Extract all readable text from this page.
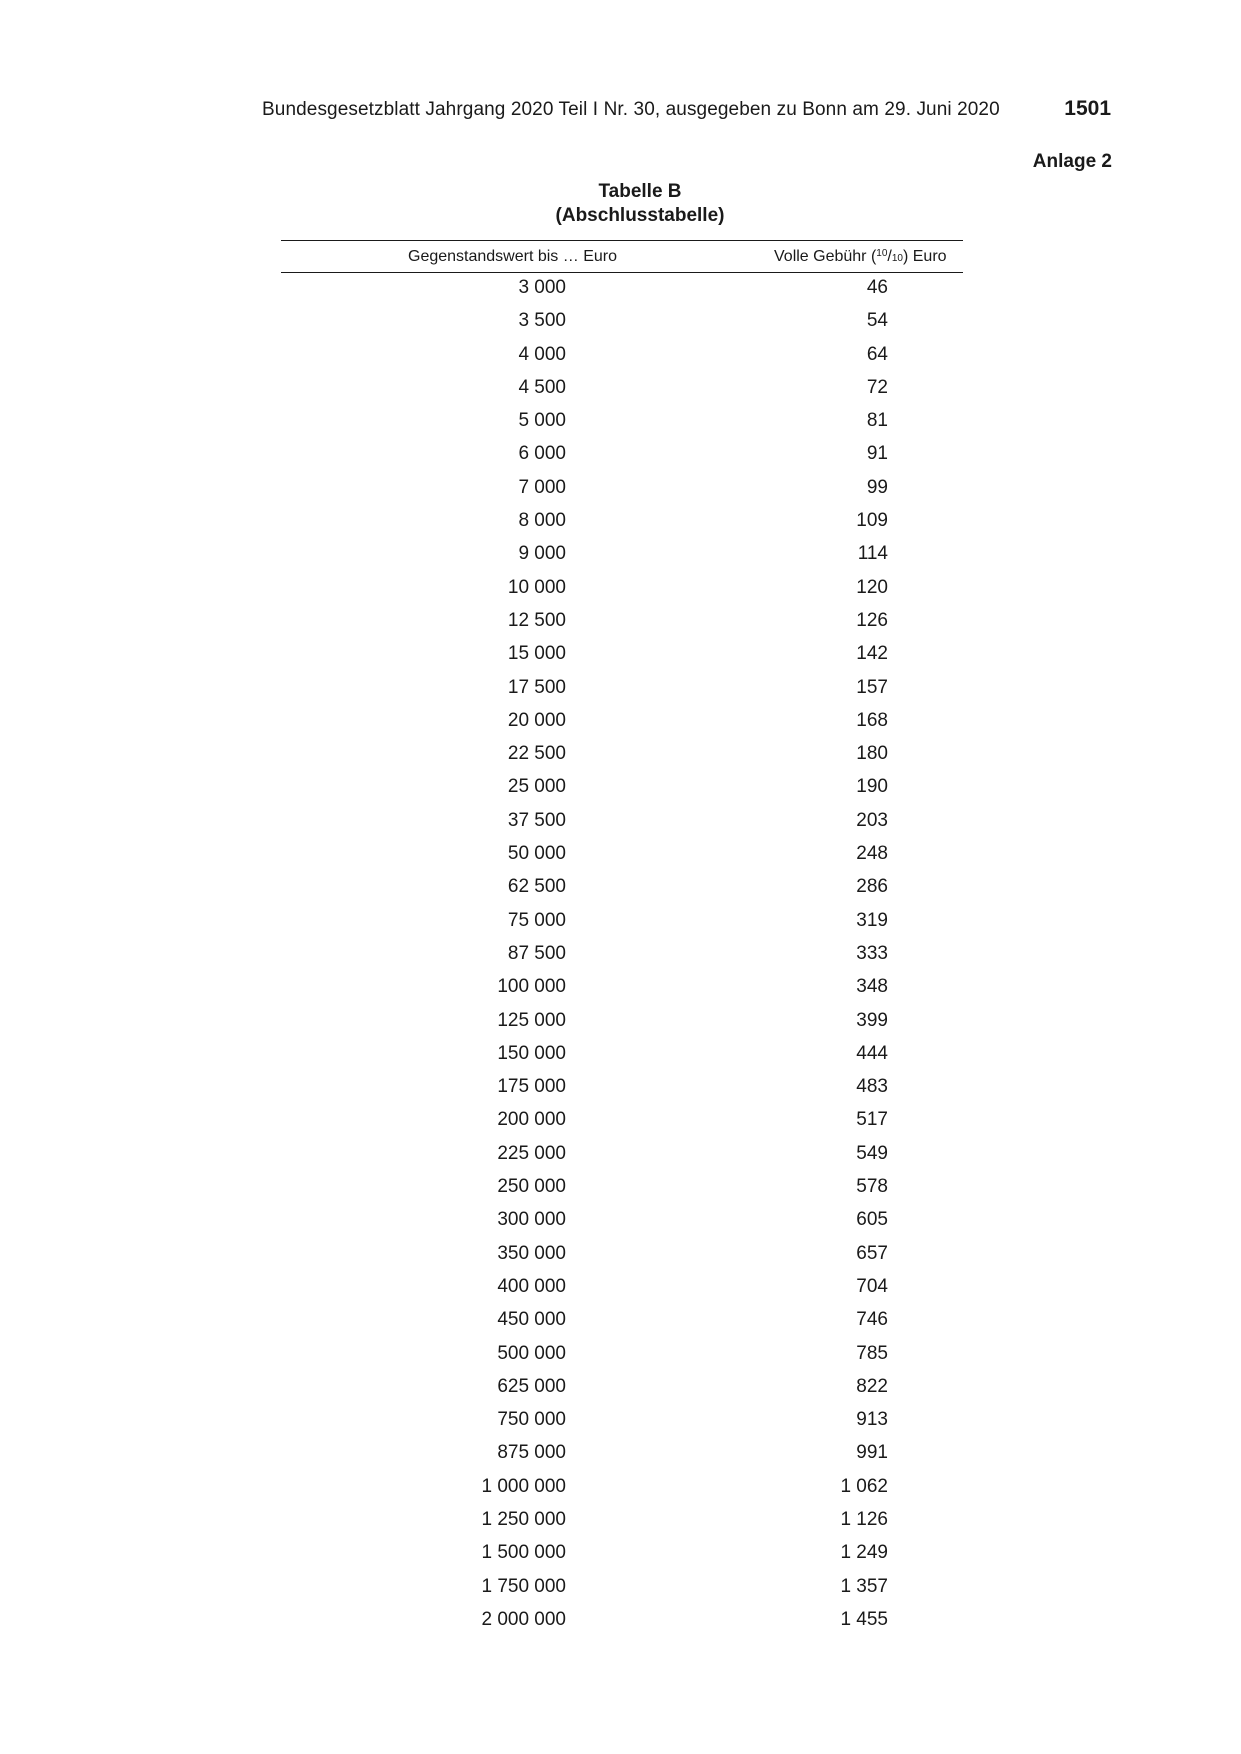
Bundesgesetzblatt Jahrgang 2020 Teil I Nr. 30, ausgegeben zu Bonn am 29. Juni 2020	1501
Anlage 2
Tabelle B
(Abschlusstabelle)
Gegenstandswert bis … Euro	Volle Gebühr ($^{10}$/10) Euro
3 000	46
3 500	54
4 000	64
4 500	72
5 000	81
6 000	91
7 000	99
8 000	109
9 000	114
10 000	120
12 500	126
15 000	142
17 500	157
20 000	168
22 500	180
25 000	190
37 500	203
50 000	248
62 500	286
75 000	319
87 500	333
100 000	348
125 000	399
150 000	444
175 000	483
200 000	517
225 000	549
250 000	578
300 000	605
350 000	657
400 000	704
450 000	746
500 000	785
625 000	822
750 000	913
875 000	991
1 000 000	1 062
1 250 000	1 126
1 500 000	1 249
1 750 000	1 357
2 000 000	1 455
